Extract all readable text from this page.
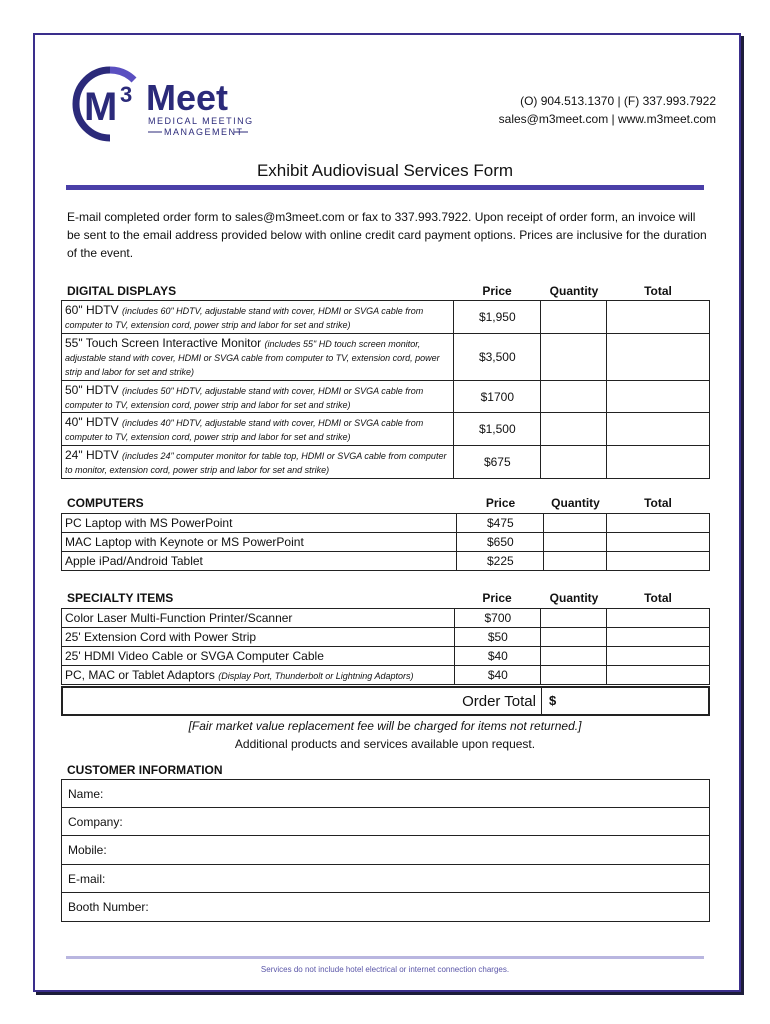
M 3 Meet
MEDICAL MEETING
MANAGEMENT
(O) 904.513.1370 | (F) 337.993.7922
sales@m3meet.com | www.m3meet.com
Exhibit Audiovisual Services Form
E-mail completed order form to sales@m3meet.com or fax to 337.993.7922. Upon receipt of order form, an invoice will be sent to the email address provided below with online credit card payment options. Prices are inclusive for the duration of the event.
DIGITAL DISPLAYS	Price	Quantity	Total
60" HDTV (includes 60" HDTV, adjustable stand with cover, HDMI or SVGA cable from computer to TV, extension cord, power strip and labor for set and strike)	$1,950		
55" Touch Screen Interactive Monitor (includes 55" HD touch screen monitor, adjustable stand with cover, HDMI or SVGA cable from computer to TV, extension cord, power strip and labor for set and strike)	$3,500		
50" HDTV (includes 50" HDTV, adjustable stand with cover, HDMI or SVGA cable from computer to TV, extension cord, power strip and labor for set and strike)	$1700		
40" HDTV (includes 40" HDTV, adjustable stand with cover, HDMI or SVGA cable from computer to TV, extension cord, power strip and labor for set and strike)	$1,500		
24" HDTV (includes 24" computer monitor for table top, HDMI or SVGA cable from computer to monitor, extension cord, power strip and labor for set and strike)	$675		
COMPUTERS	Price	Quantity	Total
PC Laptop with MS PowerPoint	$475		
MAC Laptop with Keynote or MS PowerPoint	$650		
Apple iPad/Android Tablet	$225		
SPECIALTY ITEMS	Price	Quantity	Total
Color Laser Multi-Function Printer/Scanner	$700		
25' Extension Cord with Power Strip	$50		
25' HDMI Video Cable or SVGA Computer Cable	$40		
PC, MAC or Tablet Adaptors (Display Port, Thunderbolt or Lightning Adaptors)	$40		
Order Total $
[Fair market value replacement fee will be charged for items not returned.]
Additional products and services available upon request.
CUSTOMER INFORMATION
Name:
Company:
Mobile:
E-mail:
Booth Number:
Services do not include hotel electrical or internet connection charges.
